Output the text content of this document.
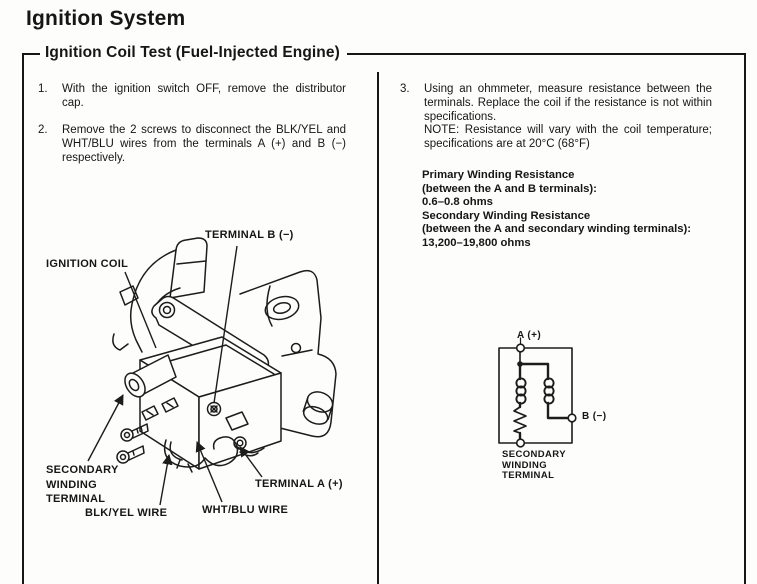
Ignition System
Ignition Coil Test (Fuel-Injected Engine)
1.	With the ignition switch OFF, remove the distributor cap.

2.	Remove the 2 screws to disconnect the BLK/YEL and WHT/BLU wires from the terminals A (+) and B (−) respectively.

3.	Using an ohmmeter, measure resistance between the terminals. Replace the coil if the resistance is not within specifications.

NOTE: Resistance will vary with the coil temperature; specifications are at 20°C (68°F)

Primary Winding Resistance
(between the A and B terminals):
0.6–0.8 ohms
Secondary Winding Resistance
(between the A and secondary winding terminals):
13,200–19,800 ohms
TERMINAL B (−)
IGNITION COIL
SECONDARY
WINDING
TERMINAL
BLK/YEL WIRE	WHT/BLU WIRE
TERMINAL A (+)
A (+)
B (−)
SECONDARY
WINDING
TERMINAL
